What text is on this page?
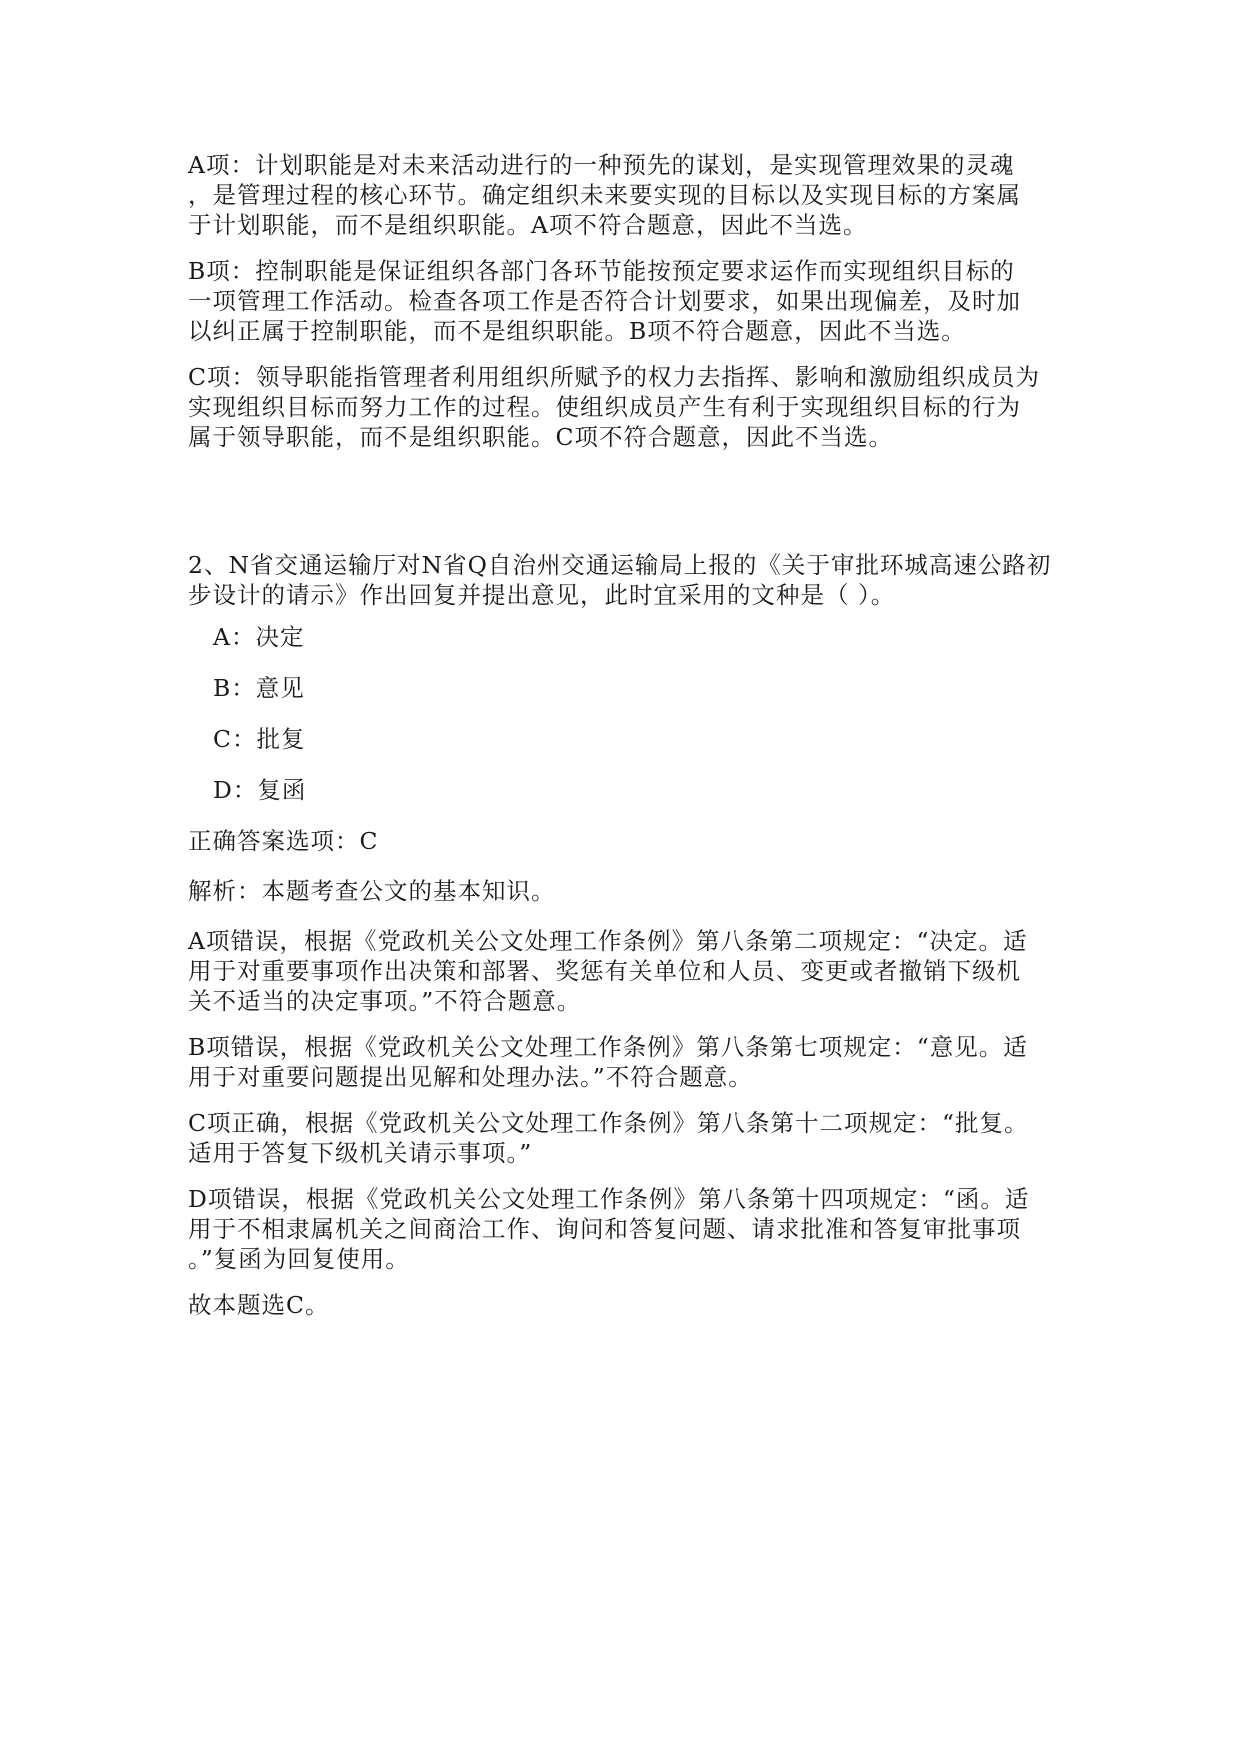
A项：计划职能是对未来活动进行的一种预先的谋划，是实现管理效果的灵魂
，是管理过程的核心环节。确定组织未来要实现的目标以及实现目标的方案属
于计划职能，而不是组织职能。A项不符合题意，因此不当选。

B项：控制职能是保证组织各部门各环节能按预定要求运作而实现组织目标的
一项管理工作活动。检查各项工作是否符合计划要求，如果出现偏差，及时加
以纠正属于控制职能，而不是组织职能。B项不符合题意，因此不当选。

C项：领导职能指管理者利用组织所赋予的权力去指挥、影响和激励组织成员为
实现组织目标而努力工作的过程。使组织成员产生有利于实现组织目标的行为
属于领导职能，而不是组织职能。C项不符合题意，因此不当选。

2、N省交通运输厅对N省Q自治州交通运输局上报的《关于审批环城高速公路初
步设计的请示》作出回复并提出意见，此时宜采用的文种是（ ）。

A：决定
B：意见
C：批复
D：复函

正确答案选项：C

解析：本题考查公文的基本知识。

A项错误，根据《党政机关公文处理工作条例》第八条第二项规定：“决定。适
用于对重要事项作出决策和部署、奖惩有关单位和人员、变更或者撤销下级机
关不适当的决定事项。”不符合题意。

B项错误，根据《党政机关公文处理工作条例》第八条第七项规定：“意见。适
用于对重要问题提出见解和处理办法。”不符合题意。

C项正确，根据《党政机关公文处理工作条例》第八条第十二项规定：“批复。
适用于答复下级机关请示事项。”

D项错误，根据《党政机关公文处理工作条例》第八条第十四项规定：“函。适
用于不相隶属机关之间商洽工作、询问和答复问题、请求批准和答复审批事项
。”复函为回复使用。

故本题选C。
